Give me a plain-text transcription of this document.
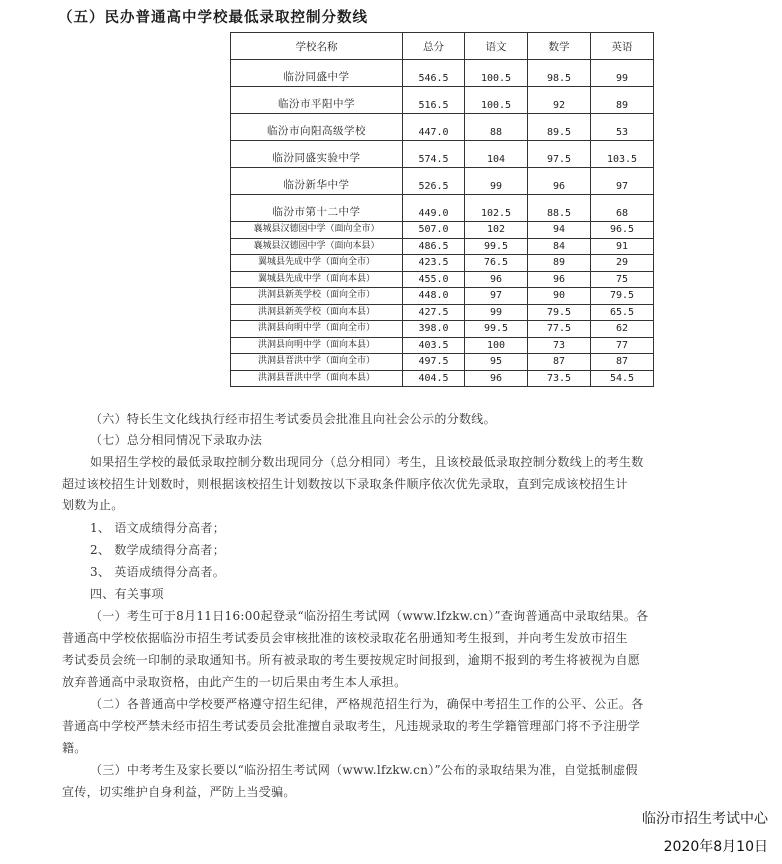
（五）民办普通高中学校最低录取控制分数线
学校名称	总分	语文	数学	英语
临汾同盛中学	546.5	100.5	98.5	99
临汾市平阳中学	516.5	100.5	92	89
临汾市向阳高级学校	447.0	88	89.5	53
临汾同盛实验中学	574.5	104	97.5	103.5
临汾新华中学	526.5	99	96	97
临汾市第十二中学	449.0	102.5	88.5	68
襄城县汉德园中学（面向全市）	507.0	102	94	96.5
襄城县汉德园中学（面向本县）	486.5	99.5	84	91
翼城县先成中学（面向全市）	423.5	76.5	89	29
翼城县先成中学（面向本县）	455.0	96	96	75
洪洞县新英学校（面向全市）	448.0	97	90	79.5
洪洞县新英学校（面向本县）	427.5	99	79.5	65.5
洪洞县向明中学（面向全市）	398.0	99.5	77.5	62
洪洞县向明中学（面向本县）	403.5	100	73	77
洪洞县晋洪中学（面向全市）	497.5	95	87	87
洪洞县晋洪中学（面向本县）	404.5	96	73.5	54.5
（六）特长生文化线执行经市招生考试委员会批准且向社会公示的分数线。
（七）总分相同情况下录取办法
如果招生学校的最低录取控制分数出现同分（总分相同）考生，且该校最低录取控制分数线上的考生数
超过该校招生计划数时，则根据该校招生计划数按以下录取条件顺序依次优先录取，直到完成该校招生计
划数为止。
1、 语文成绩得分高者；
2、 数学成绩得分高者；
3、 英语成绩得分高者。
四、有关事项
（一）考生可于8月11日16:00起登录“临汾招生考试网（www.lfzkw.cn）”查询普通高中录取结果。各
普通高中学校依据临汾市招生考试委员会审核批准的该校录取花名册通知考生报到，并向考生发放市招生
考试委员会统一印制的录取通知书。所有被录取的考生要按规定时间报到，逾期不报到的考生将被视为自愿
放弃普通高中录取资格，由此产生的一切后果由考生本人承担。
（二）各普通高中学校要严格遵守招生纪律，严格规范招生行为，确保中考招生工作的公平、公正。各
普通高中学校严禁未经市招生考试委员会批准擅自录取考生，凡违规录取的考生学籍管理部门将不予注册学
籍。
（三）中考考生及家长要以“临汾招生考试网（www.lfzkw.cn）”公布的录取结果为准，自觉抵制虚假
宣传，切实维护自身利益，严防上当受骗。
临汾市招生考试中心
2020年8月10日
